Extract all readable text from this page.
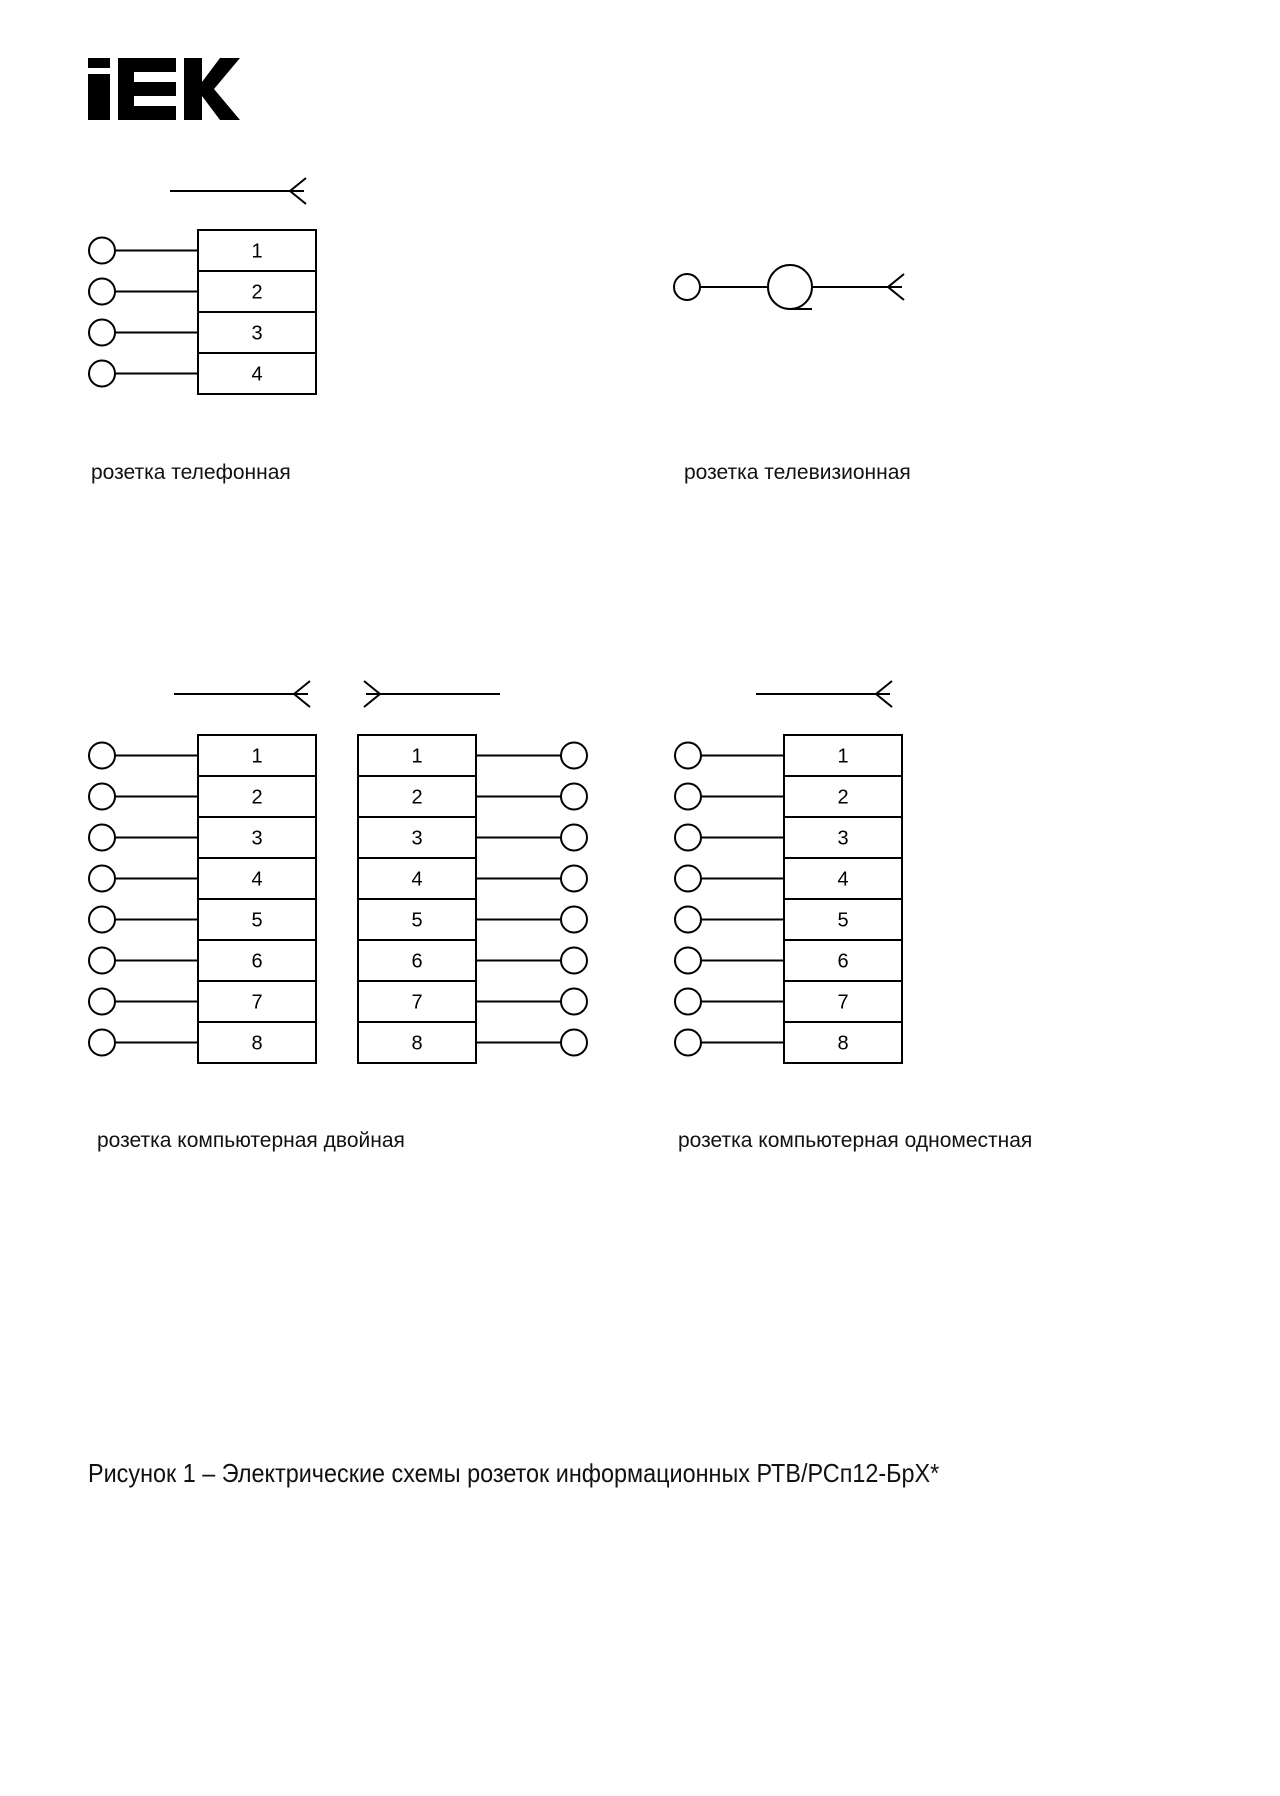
1
2
3
4
1
2
3
4
5
6
7
8
1
2
3
4
5
6
7
8
1
2
3
4
5
6
7
8
розетка телефонная	розетка телевизионная
розетка компьютерная двойная	розетка компьютерная одноместная
Рисунок 1 – Электрические схемы розеток информационных РТВ/РСп12-БрХ*
